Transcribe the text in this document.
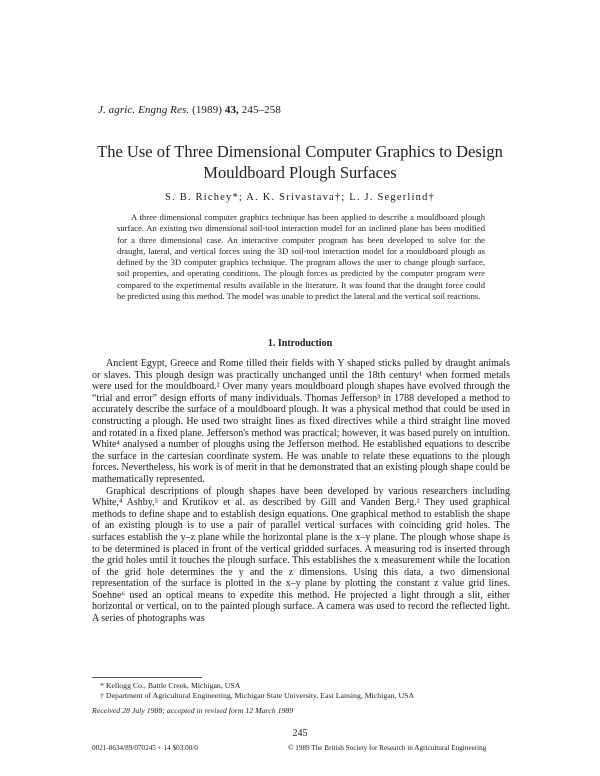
J. agric. Engng Res. (1989) 43, 245–258
The Use of Three Dimensional Computer Graphics to Design
Mouldboard Plough Surfaces
S. B. Richey*; A. K. Srivastava†; L. J. Segerlind†
A three dimensional computer graphics technique has been applied to describe a mouldboard plough surface. An existing two dimensional soil-tool interaction model for an inclined plane has been modified for a three dimensional case. An interactive computer program has been developed to solve for the draught, lateral, and vertical forces using the 3D soil-tool interaction model for a mouldboard plough as defined by the 3D computer graphics technique. The program allows the user to change plough surface, soil properties, and operating conditions. The plough forces as predicted by the computer program were compared to the experimental results available in the literature. It was found that the draught force could be predicted using this method. The model was unable to predict the lateral and the vertical soil reactions.
1. Introduction

Ancient Egypt, Greece and Rome tilled their fields with Y shaped sticks pulled by draught animals or slaves. This plough design was practically unchanged until the 18th century¹ when formed metals were used for the mouldboard.² Over many years mouldboard plough shapes have evolved through the “trial and error” design efforts of many individuals. Thomas Jefferson³ in 1788 developed a method to accurately describe the surface of a mouldboard plough. It was a physical method that could be used in constructing a plough. He used two straight lines as fixed directives while a third straight line moved and rotated in a fixed plane. Jefferson's method was practical; however, it was based purely on intuition. White⁴ analysed a number of ploughs using the Jefferson method. He established equations to describe the surface in the cartesian coordinate system. He was unable to relate these equations to the plough forces. Nevertheless, his work is of merit in that he demonstrated that an existing plough shape could be mathematically represented.

Graphical descriptions of plough shapes have been developed by various researchers including White,⁴ Ashby,⁵ and Krutikov et al. as described by Gill and Vanden Berg.² They used graphical methods to define shape and to establish design equations. One graphical method to establish the shape of an existing plough is to use a pair of parallel vertical surfaces with coinciding grid holes. The surfaces establish the y–z plane while the horizontal plane is the x–y plane. The plough whose shape is to be determined is placed in front of the vertical gridded surfaces. A measuring rod is inserted through the grid holes until it touches the plough surface. This establishes the x measurement while the location of the grid hole determines the y and the z dimensions. Using this data, a two dimensional representation of the surface is plotted in the x–y plane by plotting the constant z value grid lines. Soehne⁶ used an optical means to expedite this method. He projected a light through a slit, either horizontal or vertical, on to the painted plough surface. A camera was used to record the reflected light. A series of photographs was

* Kellogg Co., Battle Creek, Michigan, USA
† Department of Agricultural Engineering, Michigan State University, East Lansing, Michigan, USA
Received 28 July 1988; accepted in revised form 12 March 1989
245
0021-8634/89/070245 + 14 $03.00/0	© 1989 The British Society for Research in Agricultural Engineering
